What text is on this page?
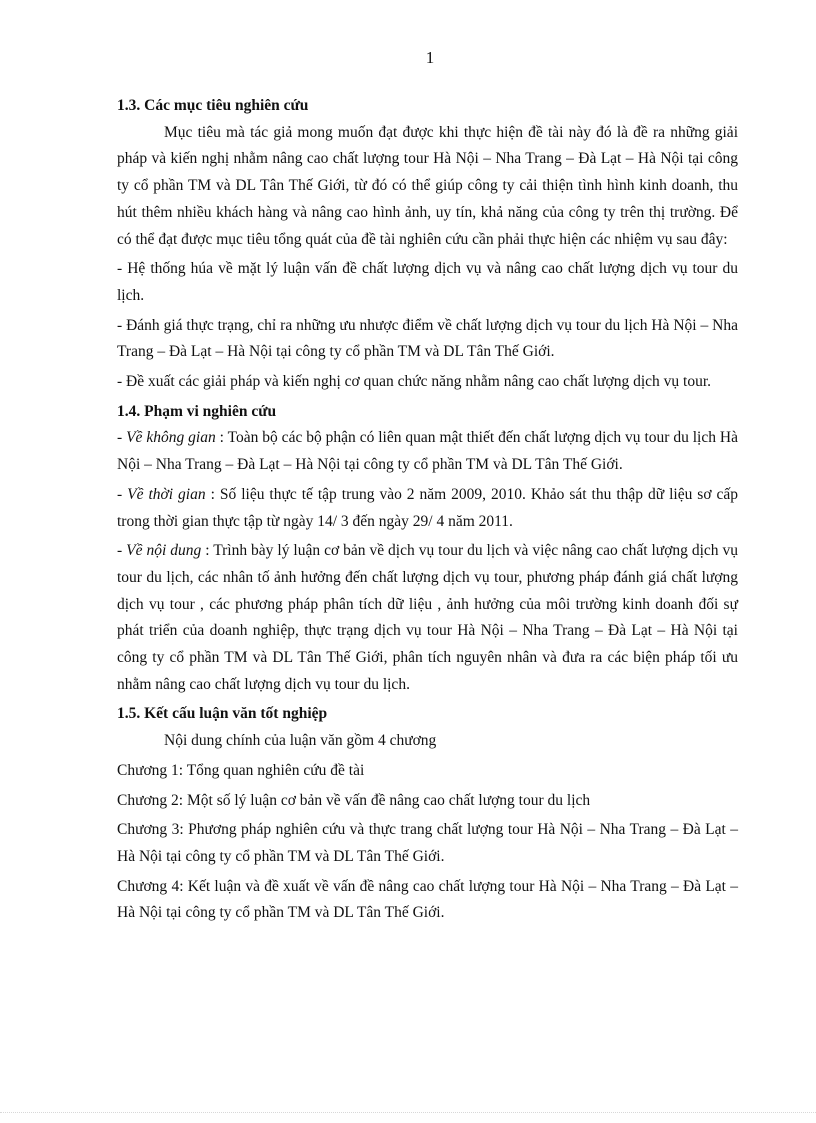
1

1.3. Các mục tiêu nghiên cứu

Mục tiêu mà tác giả mong muốn đạt được khi thực hiện đề tài này đó là đề ra những giải pháp và kiến nghị nhằm nâng cao chất lượng tour Hà Nội – Nha Trang – Đà Lạt – Hà Nội tại công ty cổ phần TM và DL Tân Thế Giới, từ đó có thể giúp công ty cải thiện tình hình kinh doanh, thu hút thêm nhiều khách hàng và nâng cao hình ảnh, uy tín, khả năng của công ty trên thị trường. Để có thể đạt được mục tiêu tổng quát của đề tài nghiên cứu cần phải thực hiện các nhiệm vụ sau đây:

- Hệ thống húa về mặt lý luận vấn đề chất lượng dịch vụ và nâng cao chất lượng dịch vụ tour du lịch.

- Đánh giá thực trạng, chỉ ra những ưu nhược điểm về chất lượng dịch vụ tour du lịch Hà Nội – Nha Trang – Đà Lạt – Hà Nội tại công ty cổ phần TM và DL Tân Thế Giới.

- Đề xuất các giải pháp và kiến nghị cơ quan chức năng nhằm nâng cao chất lượng dịch vụ tour.

1.4. Phạm vi nghiên cứu

- Về không gian : Toàn bộ các bộ phận có liên quan mật thiết đến chất lượng dịch vụ tour du lịch Hà Nội – Nha Trang – Đà Lạt – Hà Nội tại công ty cổ phần TM và DL Tân Thế Giới.

- Về thời gian : Số liệu thực tế tập trung vào 2 năm 2009, 2010. Khảo sát thu thập dữ liệu sơ cấp trong thời gian thực tập từ ngày 14/ 3 đến ngày 29/ 4 năm 2011.

- Về nội dung : Trình bày lý luận cơ bản về dịch vụ tour du lịch và việc nâng cao chất lượng dịch vụ tour du lịch, các nhân tố ảnh hưởng đến chất lượng dịch vụ tour, phương pháp đánh giá chất lượng dịch vụ tour , các phương pháp phân tích dữ liệu , ảnh hưởng của môi trường kinh doanh đối sự phát triển của doanh nghiệp, thực trạng dịch vụ tour Hà Nội – Nha Trang – Đà Lạt – Hà Nội tại công ty cổ phần TM và DL Tân Thế Giới, phân tích nguyên nhân và đưa ra các biện pháp tối ưu nhằm nâng cao chất lượng dịch vụ tour du lịch.

1.5. Kết cấu luận văn tốt nghiệp

Nội dung chính của luận văn gồm 4 chương

Chương 1: Tổng quan nghiên cứu đề tài

Chương 2: Một số lý luận cơ bản về vấn đề nâng cao chất lượng tour du lịch

Chương 3: Phương pháp nghiên cứu và thực trang chất lượng tour Hà Nội – Nha Trang – Đà Lạt – Hà Nội tại công ty cổ phần TM và DL Tân Thế Giới.

Chương 4: Kết luận và đề xuất về vấn đề nâng cao chất lượng tour Hà Nội – Nha Trang – Đà Lạt – Hà Nội tại công ty cổ phần TM và DL Tân Thế Giới.
